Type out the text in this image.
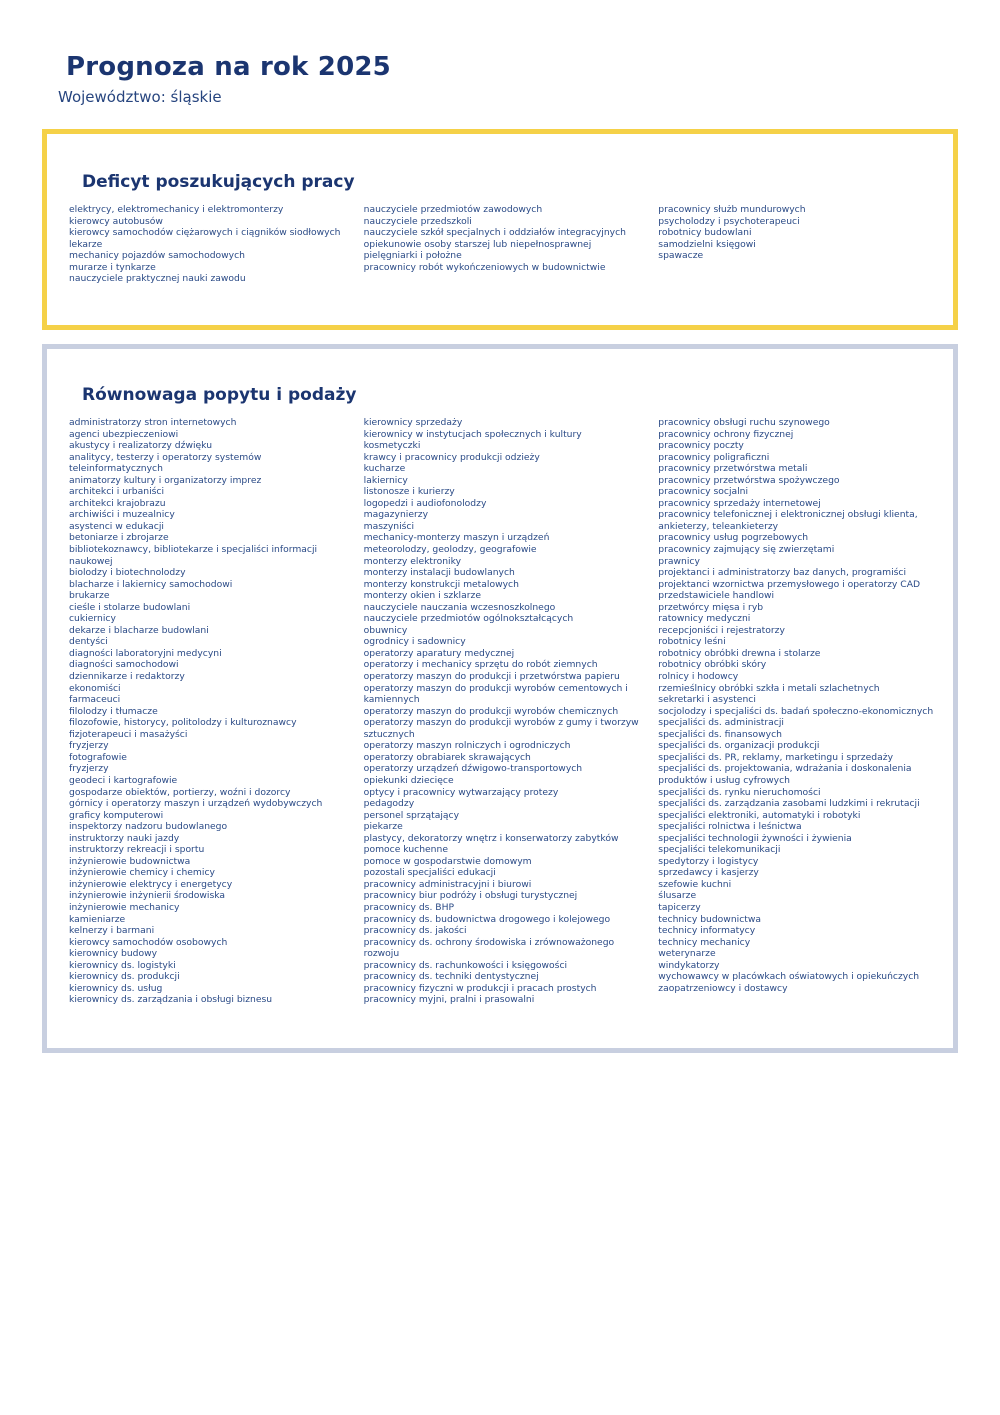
Prognoza na rok 2025
Województwo: śląskie
Deficyt poszukujących pracy
elektrycy, elektromechanicy i elektromonterzy
kierowcy autobusów
kierowcy samochodów ciężarowych i ciągników siodłowych
lekarze
mechanicy pojazdów samochodowych
murarze i tynkarze
nauczyciele praktycznej nauki zawodu
nauczyciele przedmiotów zawodowych
nauczyciele przedszkoli
nauczyciele szkół specjalnych i oddziałów integracyjnych
opiekunowie osoby starszej lub niepełnosprawnej
pielęgniarki i położne
pracownicy robót wykończeniowych w budownictwie
pracownicy służb mundurowych
psycholodzy i psychoterapeuci
robotnicy budowlani
samodzielni księgowi
spawacze
Równowaga popytu i podaży
administratorzy stron internetowych
agenci ubezpieczeniowi
akustycy i realizatorzy dźwięku
analitycy, testerzy i operatorzy systemów
teleinformatycznych
animatorzy kultury i organizatorzy imprez
architekci i urbaniści
architekci krajobrazu
archiwiści i muzealnicy
asystenci w edukacji
betoniarze i zbrojarze
bibliotekoznawcy, bibliotekarze i specjaliści informacji
naukowej
biolodzy i biotechnolodzy
blacharze i lakiernicy samochodowi
brukarze
cieśle i stolarze budowlani
cukiernicy
dekarze i blacharze budowlani
dentyści
diagności laboratoryjni medycyni
diagności samochodowi
dziennikarze i redaktorzy
ekonomiści
farmaceuci
filolodzy i tłumacze
filozofowie, historycy, politolodzy i kulturoznawcy
fizjoterapeuci i masażyści
fryzjerzy
fotografowie
fryzjerzy
geodeci i kartografowie
gospodarze obiektów, portierzy, woźni i dozorcy
górnicy i operatorzy maszyn i urządzeń wydobywczych
graficy komputerowi
inspektorzy nadzoru budowlanego
instruktorzy nauki jazdy
instruktorzy rekreacji i sportu
inżynierowie budownictwa
inżynierowie chemicy i chemicy
inżynierowie elektrycy i energetycy
inżynierowie inżynierii środowiska
inżynierowie mechanicy
kamieniarze
kelnerzy i barmani
kierowcy samochodów osobowych
kierownicy budowy
kierownicy ds. logistyki
kierownicy ds. produkcji
kierownicy ds. usług
kierownicy ds. zarządzania i obsługi biznesu
kierownicy sprzedaży
kierownicy w instytucjach społecznych i kultury
kosmetyczki
krawcy i pracownicy produkcji odzieży
kucharze
lakiernicy
listonosze i kurierzy
logopedzi i audiofonolodzy
magazynierzy
maszyniści
mechanicy-monterzy maszyn i urządzeń
meteorolodzy, geolodzy, geografowie
monterzy elektroniky
monterzy instalacji budowlanych
monterzy konstrukcji metalowych
monterzy okien i szklarze
nauczyciele nauczania wczesnoszkolnego
nauczyciele przedmiotów ogólnokształcących
obuwnicy
ogrodnicy i sadownicy
operatorzy aparatury medycznej
operatorzy i mechanicy sprzętu do robót ziemnych
operatorzy maszyn do produkcji i przetwórstwa papieru
operatorzy maszyn do produkcji wyrobów cementowych i
kamiennych
operatorzy maszyn do produkcji wyrobów chemicznych
operatorzy maszyn do produkcji wyrobów z gumy i tworzyw
sztucznych
operatorzy maszyn rolniczych i ogrodniczych
operatorzy obrabiarek skrawających
operatorzy urządzeń dźwigowo-transportowych
opiekunki dziecięce
optycy i pracownicy wytwarzający protezy
pedagodzy
personel sprzątający
piekarze
plastycy, dekoratorzy wnętrz i konserwatorzy zabytków
pomoce kuchenne
pomoce w gospodarstwie domowym
pozostali specjaliści edukacji
pracownicy administracyjni i biurowi
pracownicy biur podróży i obsługi turystycznej
pracownicy ds. BHP
pracownicy ds. budownictwa drogowego i kolejowego
pracownicy ds. jakości
pracownicy ds. ochrony środowiska i zrównoważonego
rozwoju
pracownicy ds. rachunkowości i księgowości
pracownicy ds. techniki dentystycznej
pracownicy fizyczni w produkcji i pracach prostych
pracownicy myjni, pralni i prasowalni
pracownicy obsługi ruchu szynowego
pracownicy ochrony fizycznej
pracownicy poczty
pracownicy poligraficzni
pracownicy przetwórstwa metali
pracownicy przetwórstwa spożywczego
pracownicy socjalni
pracownicy sprzedaży internetowej
pracownicy telefonicznej i elektronicznej obsługi klienta,
ankieterzy, teleankieterzy
pracownicy usług pogrzebowych
pracownicy zajmujący się zwierzętami
prawnicy
projektanci i administratorzy baz danych, programiści
projektanci wzornictwa przemysłowego i operatorzy CAD
przedstawiciele handlowi
przetwórcy mięsa i ryb
ratownicy medyczni
recepcjoniści i rejestratorzy
robotnicy leśni
robotnicy obróbki drewna i stolarze
robotnicy obróbki skóry
rolnicy i hodowcy
rzemieślnicy obróbki szkła i metali szlachetnych
sekretarki i asystenci
socjolodzy i specjaliści ds. badań społeczno-ekonomicznych
specjaliści ds. administracji
specjaliści ds. finansowych
specjaliści ds. organizacji produkcji
specjaliści ds. PR, reklamy, marketingu i sprzedaży
specjaliści ds. projektowania, wdrażania i doskonalenia
produktów i usług cyfrowych
specjaliści ds. rynku nieruchomości
specjaliści ds. zarządzania zasobami ludzkimi i rekrutacji
specjaliści elektroniki, automatyki i robotyki
specjaliści rolnictwa i leśnictwa
specjaliści technologii żywności i żywienia
specjaliści telekomunikacji
spedytorzy i logistycy
sprzedawcy i kasjerzy
szefowie kuchni
ślusarze
tapicerzy
technicy budownictwa
technicy informatycy
technicy mechanicy
weterynarze
windykatorzy
wychowawcy w placówkach oświatowych i opiekuńczych
zaopatrzeniowcy i dostawcy
